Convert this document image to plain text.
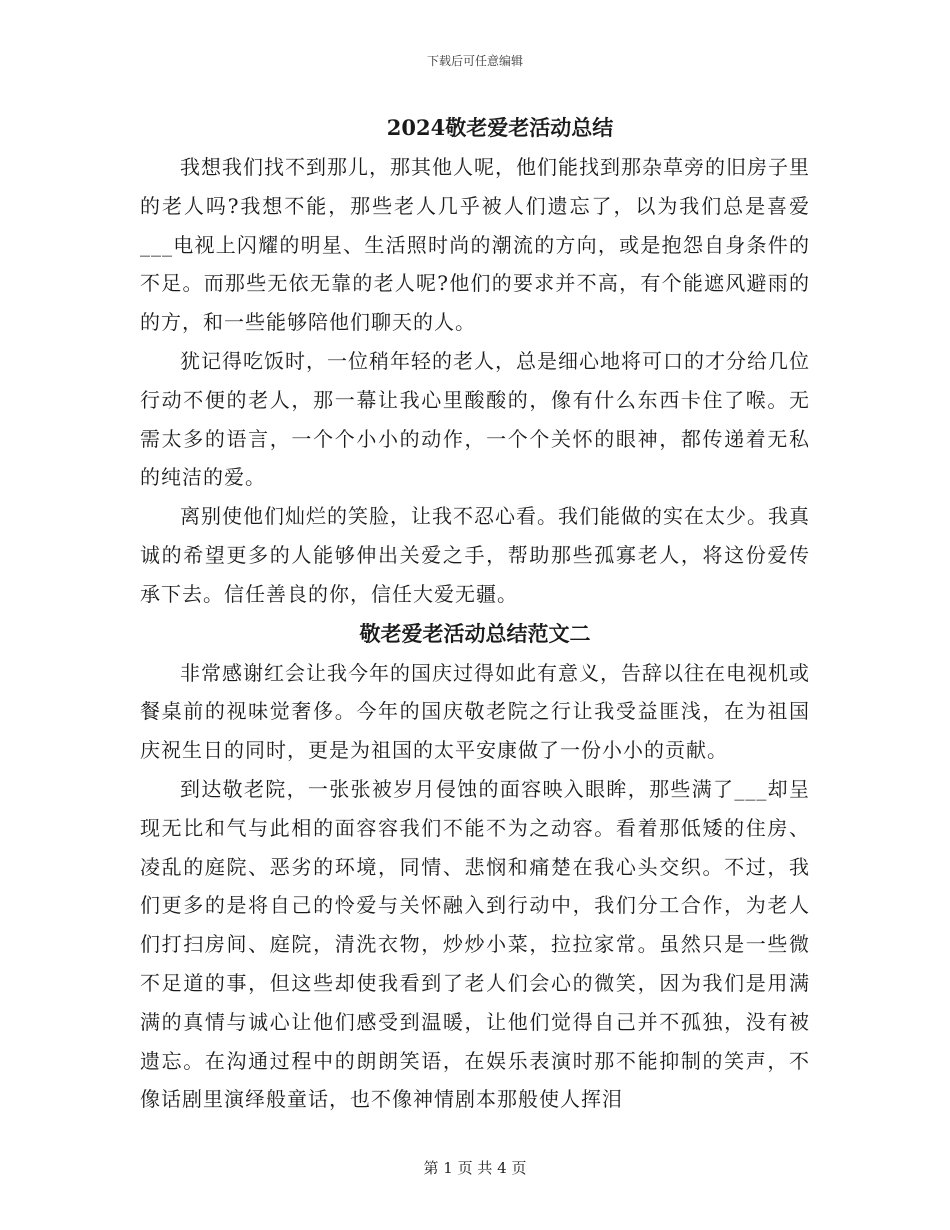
下载后可任意编辑
2024敬老爱老活动总结

我想我们找不到那儿，那其他人呢，他们能找到那杂草旁的旧房子里的老人吗?我想不能，那些老人几乎被人们遗忘了，以为我们总是喜爱___电视上闪耀的明星、生活照时尚的潮流的方向，或是抱怨自身条件的不足。而那些无依无靠的老人呢?他们的要求并不高，有个能遮风避雨的的方，和一些能够陪他们聊天的人。

犹记得吃饭时，一位稍年轻的老人，总是细心地将可口的才分给几位行动不便的老人，那一幕让我心里酸酸的，像有什么东西卡住了喉。无需太多的语言，一个个小小的动作，一个个关怀的眼神，都传递着无私的纯洁的爱。

离别使他们灿烂的笑脸，让我不忍心看。我们能做的实在太少。我真诚的希望更多的人能够伸出关爱之手，帮助那些孤寡老人，将这份爱传承下去。信任善良的你，信任大爱无疆。

敬老爱老活动总结范文二

非常感谢红会让我今年的国庆过得如此有意义，告辞以往在电视机或餐桌前的视味觉奢侈。今年的国庆敬老院之行让我受益匪浅，在为祖国庆祝生日的同时，更是为祖国的太平安康做了一份小小的贡献。

到达敬老院，一张张被岁月侵蚀的面容映入眼眸，那些满了___却呈现无比和气与此相的面容容我们不能不为之动容。看着那低矮的住房、凌乱的庭院、恶劣的环境，同情、悲悯和痛楚在我心头交织。不过，我们更多的是将自己的怜爱与关怀融入到行动中，我们分工合作，为老人们打扫房间、庭院，清洗衣物，炒炒小菜，拉拉家常。虽然只是一些微不足道的事，但这些却使我看到了老人们会心的微笑，因为我们是用满满的真情与诚心让他们感受到温暖，让他们觉得自己并不孤独，没有被遗忘。在沟通过程中的朗朗笑语，在娱乐表演时那不能抑制的笑声，不像话剧里演绎般童话，也不像神情剧本那般使人挥泪

第 1 页 共 4 页
